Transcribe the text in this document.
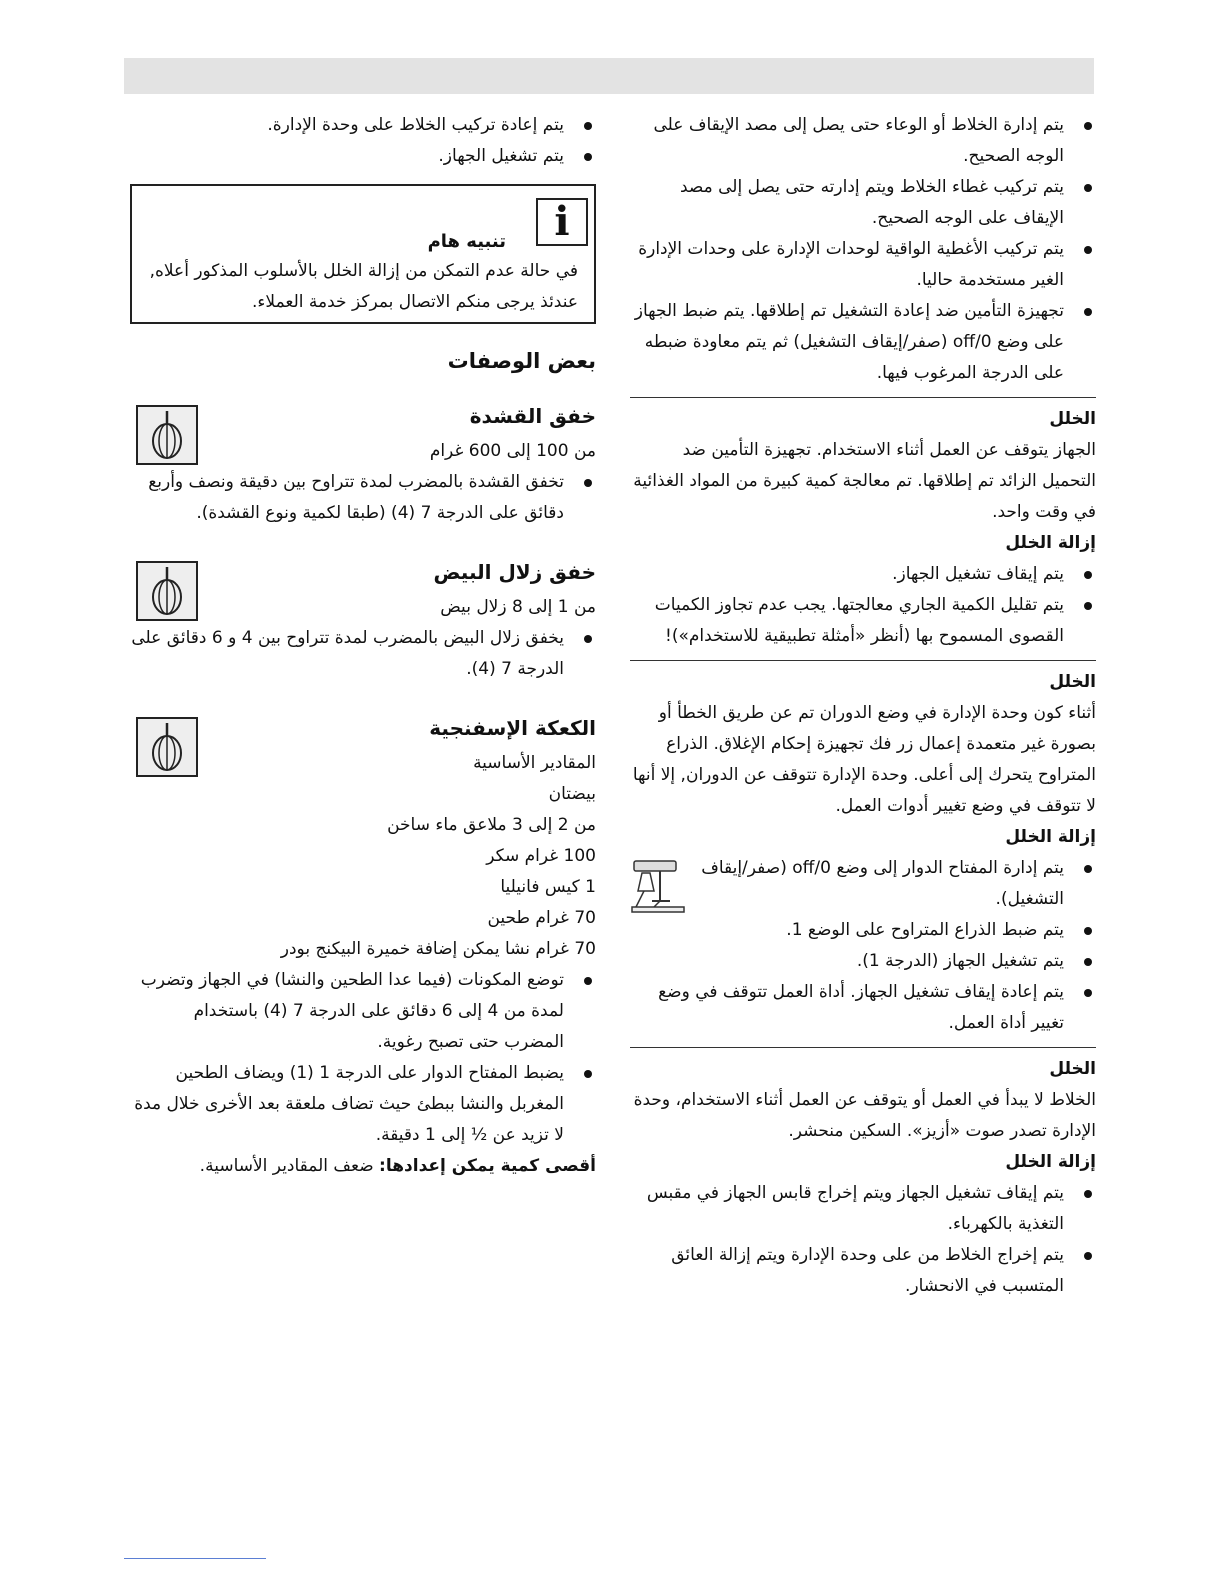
يتم إدارة الخلاط أو الوعاء حتى يصل إلى مصد الإيقاف على الوجه الصحيح.
يتم تركيب غطاء الخلاط ويتم إدارته حتى يصل إلى مصد الإيقاف على الوجه الصحيح.
يتم تركيب الأغطية الواقية لوحدات الإدارة على وحدات الإدارة الغير مستخدمة حاليا.
تجهيزة التأمين ضد إعادة التشغيل تم إطلاقها. يتم ضبط الجهاز على وضع off/0 (صفر/إيقاف التشغيل) ثم يتم معاودة ضبطه على الدرجة المرغوب فيها.
الخلل

الجهاز يتوقف عن العمل أثناء الاستخدام. تجهيزة التأمين ضد التحميل الزائد تم إطلاقها. تم معالجة كمية كبيرة من المواد الغذائية في وقت واحد.

إزالة الخلل
يتم إيقاف تشغيل الجهاز.
يتم تقليل الكمية الجاري معالجتها. يجب عدم تجاوز الكميات القصوى المسموح بها (أنظر «أمثلة تطبيقية للاستخدام»)!
الخلل

أثناء كون وحدة الإدارة في وضع الدوران تم عن طريق الخطأ أو بصورة غير متعمدة إعمال زر فك تجهيزة إحكام الإغلاق. الذراع المتراوح يتحرك إلى أعلى. وحدة الإدارة تتوقف عن الدوران, إلا أنها لا تتوقف في وضع تغيير أدوات العمل.

إزالة الخلل
يتم إدارة المفتاح الدوار إلى وضع off/0 (صفر/إيقاف التشغيل).
يتم ضبط الذراع المتراوح على الوضع 1.
يتم تشغيل الجهاز (الدرجة 1).
يتم إعادة إيقاف تشغيل الجهاز. أداة العمل تتوقف في وضع تغيير أداة العمل.
الخلل

الخلاط لا يبدأ في العمل أو يتوقف عن العمل أثناء الاستخدام، وحدة الإدارة تصدر صوت «أزيز». السكين منحشر.

إزالة الخلل
يتم إيقاف تشغيل الجهاز ويتم إخراج قابس الجهاز في مقبس التغذية بالكهرباء.
يتم إخراج الخلاط من على وحدة الإدارة ويتم إزالة العائق المتسبب في الانحشار.
يتم إعادة تركيب الخلاط على وحدة الإدارة.
يتم تشغيل الجهاز.
i
تنبيه هام

في حالة عدم التمكن من إزالة الخلل بالأسلوب المذكور أعلاه, عندئذ يرجى منكم الاتصال بمركز خدمة العملاء.

بعض الوصفات
خفق القشدة

من 100 إلى 600 غرام

تخفق القشدة بالمضرب لمدة تتراوح بين دقيقة ونصف وأربع دقائق على الدرجة 7 (4) (طبقا لكمية ونوع القشدة).
خفق زلال البيض

من 1 إلى 8 زلال بيض

يخفق زلال البيض بالمضرب لمدة تتراوح بين 4 و 6 دقائق على الدرجة 7 (4).
الكعكة الإسفنجية

المقادير الأساسية

بيضتان

من 2 إلى 3 ملاعق ماء ساخن

100 غرام سكر

1 كيس فانيليا

70 غرام طحين

70 غرام نشا يمكن إضافة خميرة البيكنج بودر

توضع المكونات (فيما عدا الطحين والنشا) في الجهاز وتضرب لمدة من 4 إلى 6 دقائق على الدرجة 7 (4) باستخدام المضرب حتى تصبح رغوية.
يضبط المفتاح الدوار على الدرجة 1 (1) ويضاف الطحين المغربل والنشا ببطئ حيث تضاف ملعقة بعد الأخرى خلال مدة لا تزيد عن ½ إلى 1 دقيقة.

أقصى كمية يمكن إعدادها: ضعف المقادير الأساسية.
